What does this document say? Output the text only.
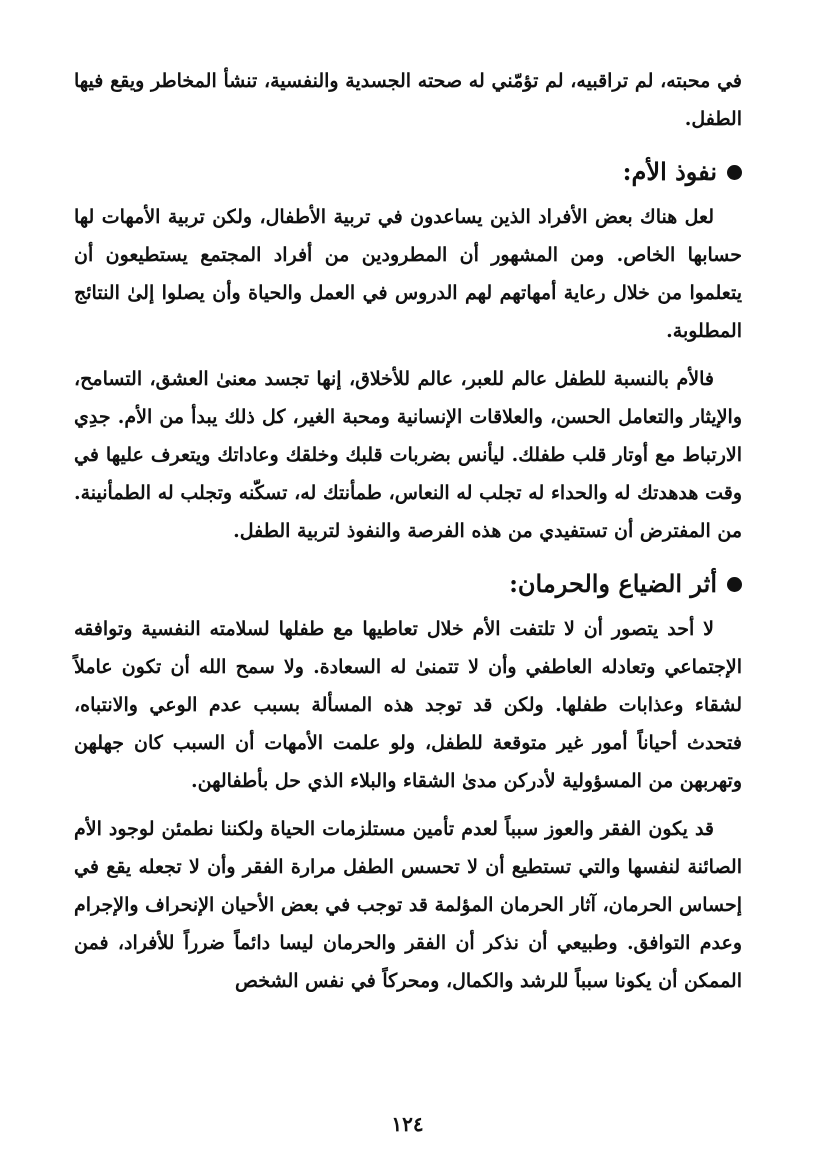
في محبته، لم تراقبيه، لم تؤمّني له صحته الجسدية والنفسية، تنشأ المخاطر ويقع فيها الطفل.

نفوذ الأم:

لعل هناك بعض الأفراد الذين يساعدون في تربية الأطفال، ولكن تربية الأمهات لها حسابها الخاص. ومن المشهور أن المطرودين من أفراد المجتمع يستطيعون أن يتعلموا من خلال رعاية أمهاتهم لهم الدروس في العمل والحياة وأن يصلوا إلىٰ النتائج المطلوبة.

فالأم بالنسبة للطفل عالم للعبر، عالم للأخلاق، إنها تجسد معنىٰ العشق، التسامح، والإيثار والتعامل الحسن، والعلاقات الإنسانية ومحبة الغير، كل ذلك يبدأ من الأم. جدِي الارتباط مع أوتار قلب طفلك. ليأنس بضربات قلبك وخلقك وعاداتك ويتعرف عليها في وقت هدهدتك له والحداء له تجلب له النعاس، طمأنتك له، تسكّنه وتجلب له الطمأنينة. من المفترض أن تستفيدي من هذه الفرصة والنفوذ لتربية الطفل.

أثر الضياع والحرمان:

لا أحد يتصور أن لا تلتفت الأم خلال تعاطيها مع طفلها لسلامته النفسية وتوافقه الإجتماعي وتعادله العاطفي وأن لا تتمنىٰ له السعادة. ولا سمح الله أن تكون عاملاً لشقاء وعذابات طفلها. ولكن قد توجد هذه المسألة بسبب عدم الوعي والانتباه، فتحدث أحياناً أمور غير متوقعة للطفل، ولو علمت الأمهات أن السبب كان جهلهن وتهربهن من المسؤولية لأدركن مدىٰ الشقاء والبلاء الذي حل بأطفالهن.

قد يكون الفقر والعوز سبباً لعدم تأمين مستلزمات الحياة ولكننا نطمئن لوجود الأم الصائنة لنفسها والتي تستطيع أن لا تحسس الطفل مرارة الفقر وأن لا تجعله يقع في إحساس الحرمان، آثار الحرمان المؤلمة قد توجب في بعض الأحيان الإنحراف والإجرام وعدم التوافق. وطبيعي أن نذكر أن الفقر والحرمان ليسا دائماً ضرراً للأفراد، فمن الممكن أن يكونا سبباً للرشد والكمال، ومحركاً في نفس الشخص

١٢٤
